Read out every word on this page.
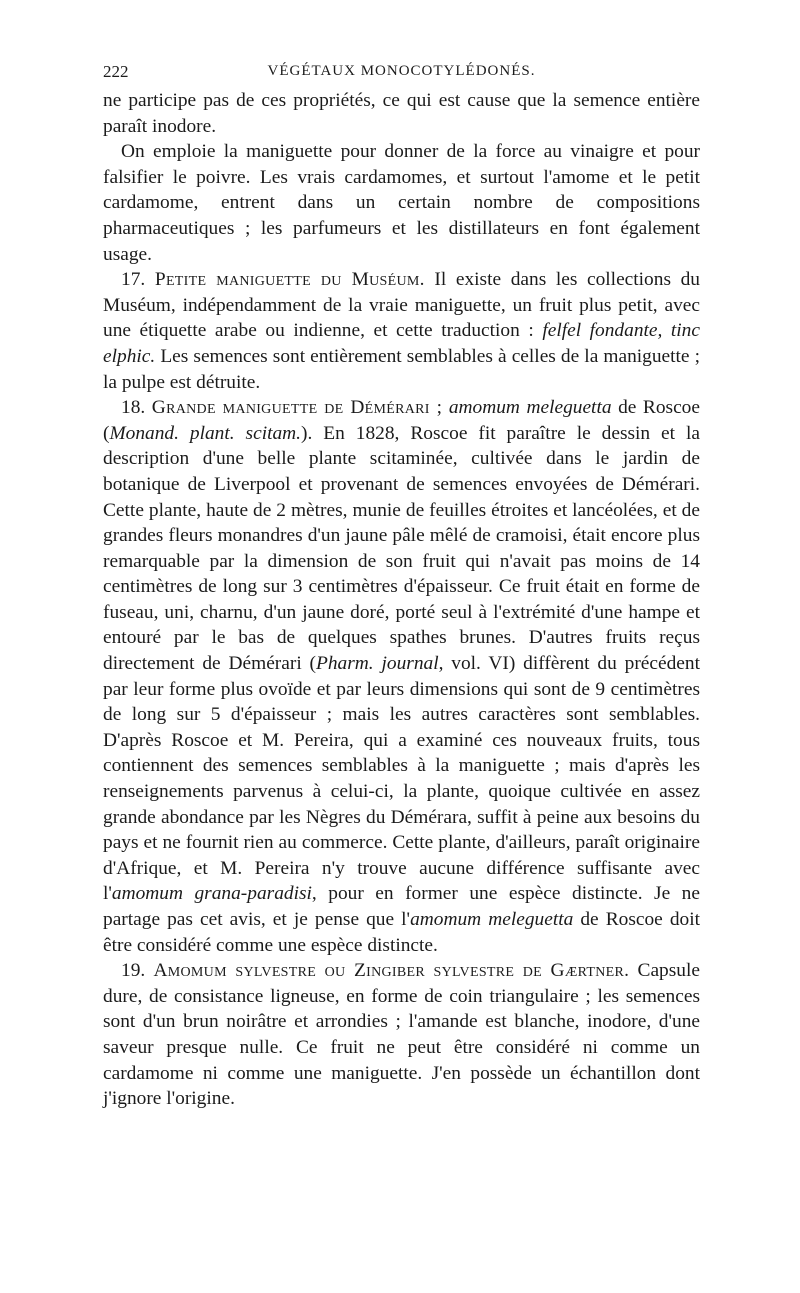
222	VÉGÉTAUX MONOCOTYLÉDONÉS.

ne participe pas de ces propriétés, ce qui est cause que la semence entière paraît inodore.

On emploie la maniguette pour donner de la force au vinaigre et pour falsifier le poivre. Les vrais cardamomes, et surtout l'amome et le petit cardamome, entrent dans un certain nombre de compositions pharmaceutiques ; les parfumeurs et les distillateurs en font également usage.

17. Petite maniguette du Muséum. Il existe dans les collections du Muséum, indépendamment de la vraie maniguette, un fruit plus petit, avec une étiquette arabe ou indienne, et cette traduction : felfel fondante, tinc elphic. Les semences sont entièrement semblables à celles de la maniguette ; la pulpe est détruite.

18. Grande maniguette de Démérari ; amomum meleguetta de Roscoe (Monand. plant. scitam.). En 1828, Roscoe fit paraître le dessin et la description d'une belle plante scitaminée, cultivée dans le jardin de botanique de Liverpool et provenant de semences envoyées de Démérari. Cette plante, haute de 2 mètres, munie de feuilles étroites et lancéolées, et de grandes fleurs monandres d'un jaune pâle mêlé de cramoisi, était encore plus remarquable par la dimension de son fruit qui n'avait pas moins de 14 centimètres de long sur 3 centimètres d'épaisseur. Ce fruit était en forme de fuseau, uni, charnu, d'un jaune doré, porté seul à l'extrémité d'une hampe et entouré par le bas de quelques spathes brunes. D'autres fruits reçus directement de Démérari (Pharm. journal, vol. VI) diffèrent du précédent par leur forme plus ovoïde et par leurs dimensions qui sont de 9 centimètres de long sur 5 d'épaisseur ; mais les autres caractères sont semblables. D'après Roscoe et M. Pereira, qui a examiné ces nouveaux fruits, tous contiennent des semences semblables à la maniguette ; mais d'après les renseignements parvenus à celui-ci, la plante, quoique cultivée en assez grande abondance par les Nègres du Démérara, suffit à peine aux besoins du pays et ne fournit rien au commerce. Cette plante, d'ailleurs, paraît originaire d'Afrique, et M. Pereira n'y trouve aucune différence suffisante avec l'amomum grana-paradisi, pour en former une espèce distincte. Je ne partage pas cet avis, et je pense que l'amomum meleguetta de Roscoe doit être considéré comme une espèce distincte.

19. Amomum sylvestre ou Zingiber sylvestre de Gærtner. Capsule dure, de consistance ligneuse, en forme de coin triangulaire ; les semences sont d'un brun noirâtre et arrondies ; l'amande est blanche, inodore, d'une saveur presque nulle. Ce fruit ne peut être considéré ni comme un cardamome ni comme une maniguette. J'en possède un échantillon dont j'ignore l'origine.
